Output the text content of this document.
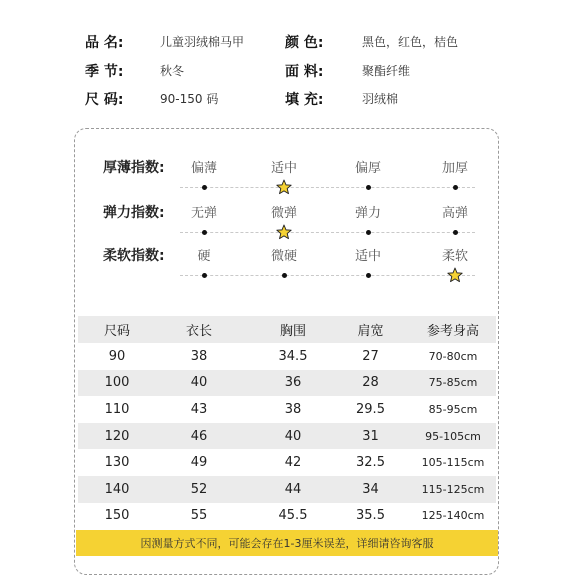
品 名:	儿童羽绒棉马甲	颜 色:	黑色，红色，桔色
季 节:	秋冬	面 料:	聚酯纤维
尺 码:	90-150 码	填 充:	羽绒棉
厚薄指数:	偏薄	适中	偏厚	加厚
弹力指数:	无弹	微弹	弹力	高弹
柔软指数:	硬	微硬	适中	柔软
尺码	衣长	胸围	肩宽	参考身高
90	38	34.5	27	70-80cm
100	40	36	28	75-85cm
110	43	38	29.5	85-95cm
120	46	40	31	95-105cm
130	49	42	32.5	105-115cm
140	52	44	34	115-125cm
150	55	45.5	35.5	125-140cm
因测量方式不同，可能会存在1-3厘米误差，详细请咨询客服
